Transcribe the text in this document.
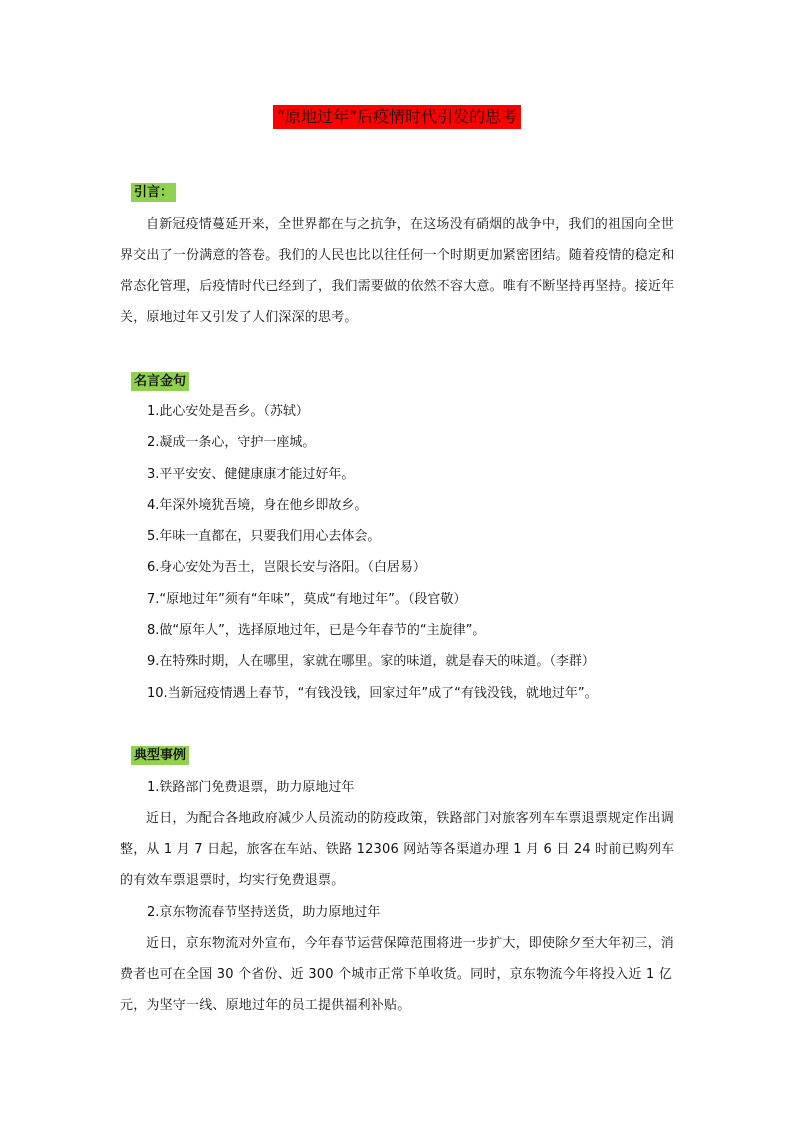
“原地过年”后疫情时代引发的思考
引言：

自新冠疫情蔓延开来，全世界都在与之抗争，在这场没有硝烟的战争中，我们的祖国向全世界交出了一份满意的答卷。我们的人民也比以往任何一个时期更加紧密团结。随着疫情的稳定和常态化管理，后疫情时代已经到了，我们需要做的依然不容大意。唯有不断坚持再坚持。接近年关，原地过年又引发了人们深深的思考。

名言金句
1.此心安处是吾乡。（苏轼）
2.凝成一条心，守护一座城。
3.平平安安、健健康康才能过好年。
4.年深外境犹吾境，身在他乡即故乡。
5.年味一直都在，只要我们用心去体会。
6.身心安处为吾土，岂限长安与洛阳。（白居易）
7.“原地过年”须有“年味”，莫成“有地过年”。（段官敬）
8.做“原年人”，选择原地过年，已是今年春节的“主旋律”。
9.在特殊时期，人在哪里，家就在哪里。家的味道，就是春天的味道。（李群）
10.当新冠疫情遇上春节，“有钱没钱，回家过年”成了“有钱没钱，就地过年”。
典型事例

1.铁路部门免费退票，助力原地过年

近日，为配合各地政府减少人员流动的防疫政策，铁路部门对旅客列车车票退票规定作出调整，从 1 月 7 日起，旅客在车站、铁路 12306 网站等各渠道办理 1 月 6 日 24 时前已购列车的有效车票退票时，均实行免费退票。

2.京东物流春节坚持送货，助力原地过年

近日，京东物流对外宣布，今年春节运营保障范围将进一步扩大，即使除夕至大年初三，消费者也可在全国 30 个省份、近 300 个城市正常下单收货。同时，京东物流今年将投入近 1 亿元，为坚守一线、原地过年的员工提供福利补贴。
